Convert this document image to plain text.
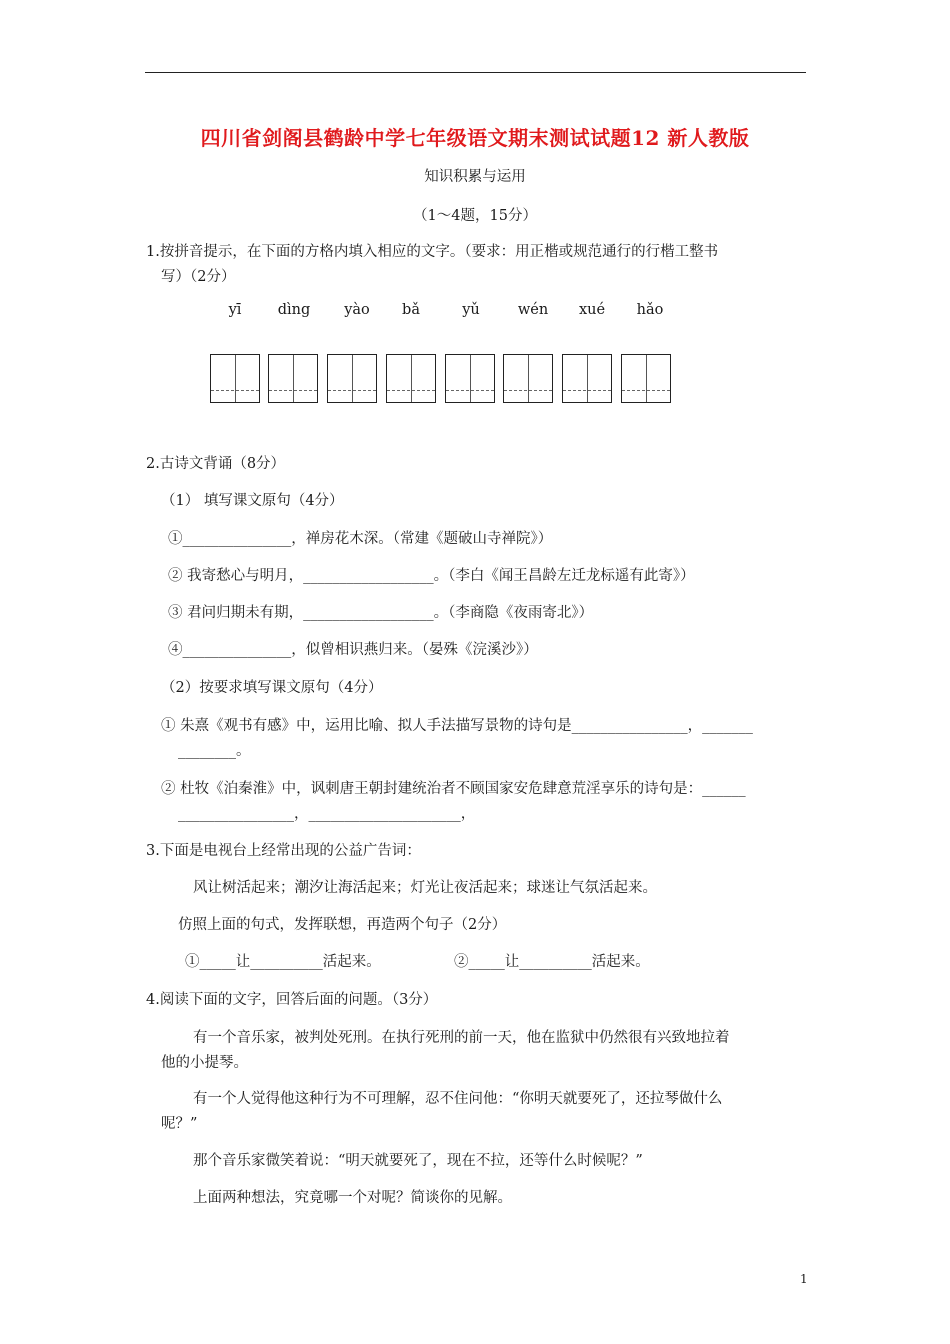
四川省剑阁县鹤龄中学七年级语文期末测试试题12 新人教版
知识积累与运用
（1～4题，15分）
1.按拼音提示，在下面的方格内填入相应的文字。（要求：用正楷或规范通行的行楷工整书
写）（2分）
yī	dìng	yào	bǎ	yǔ	wén	xué	hǎo
2.古诗文背诵（8分）
（1） 填写课文原句（4分）
①_______________，禅房花木深。（常建《题破山寺禅院》）
② 我寄愁心与明月，__________________。（李白《闻王昌龄左迁龙标遥有此寄》）
③ 君问归期未有期，__________________。（李商隐《夜雨寄北》）
④_______________，似曾相识燕归来。（晏殊《浣溪沙》）
（2）按要求填写课文原句（4分）
① 朱熹《观书有感》中，运用比喻、拟人手法描写景物的诗句是________________，_______
________。
② 杜牧《泊秦淮》中，讽刺唐王朝封建统治者不顾国家安危肆意荒淫享乐的诗句是：______
________________，_____________________，
3.下面是电视台上经常出现的公益广告词：
风让树活起来；潮汐让海活起来；灯光让夜活起来；球迷让气氛活起来。
仿照上面的句式，发挥联想，再造两个句子（2分）
①_____让__________活起来。	②_____让__________活起来。
4.阅读下面的文字，回答后面的问题。（3分）
有一个音乐家，被判处死刑。在执行死刑的前一天，他在监狱中仍然很有兴致地拉着
他的小提琴。
有一个人觉得他这种行为不可理解，忍不住问他：“你明天就要死了，还拉琴做什么
呢？”
那个音乐家微笑着说：“明天就要死了，现在不拉，还等什么时候呢？”
上面两种想法，究竟哪一个对呢？简谈你的见解。
1
